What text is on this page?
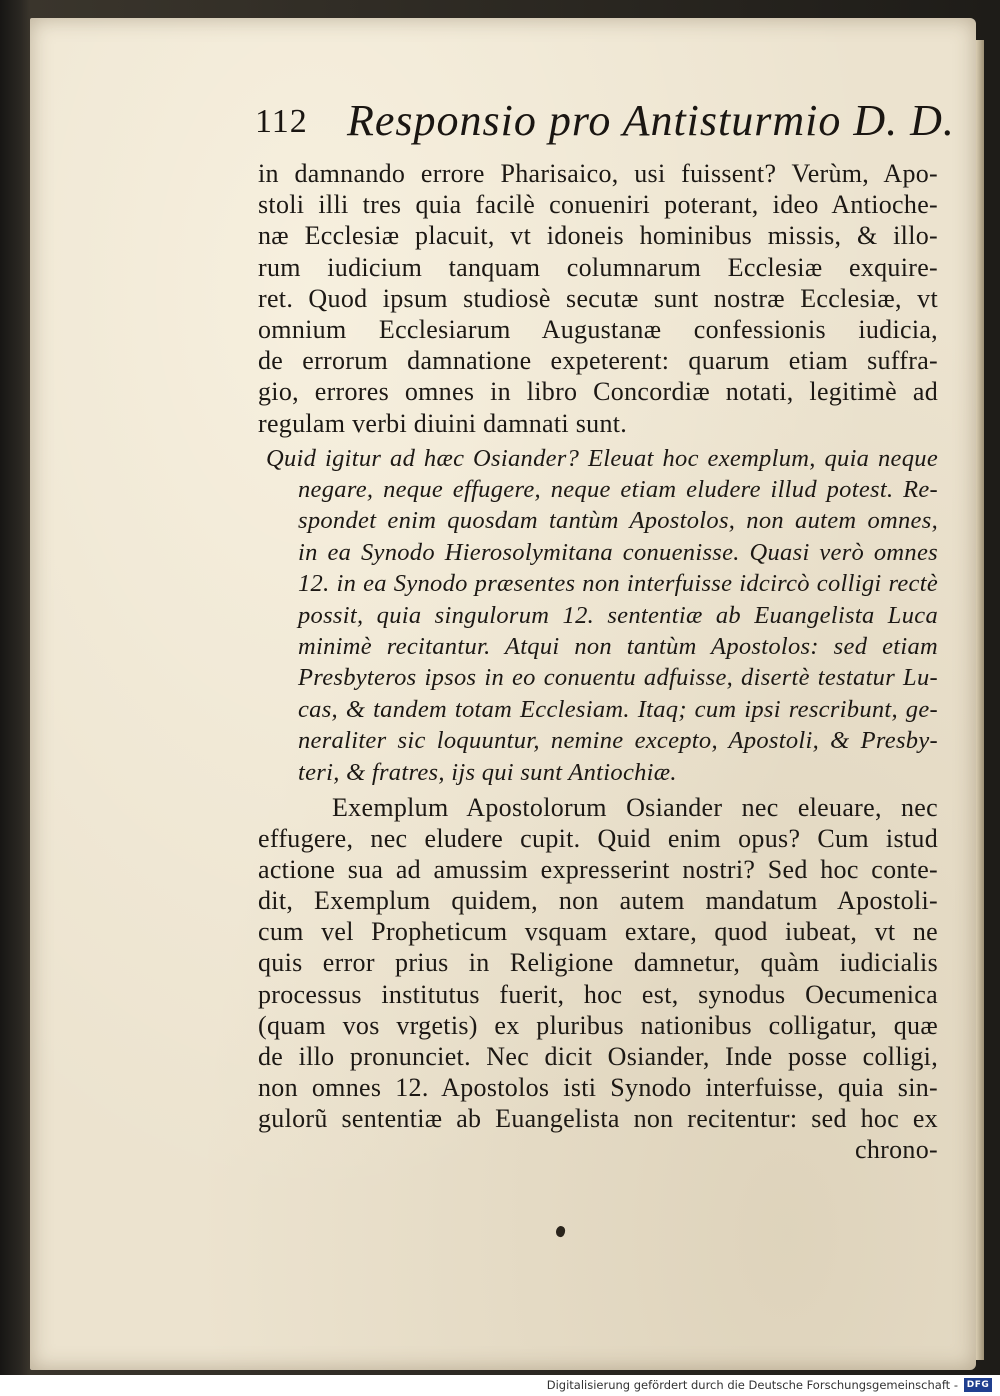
112 Responsio pro Antisturmio D. D.
in damnando errore Pharisaico, usi fuissent? Verùm, Apo-
stoli illi tres quia facilè conueniri poterant, ideo Antioche-
næ Ecclesiæ placuit, vt idoneis hominibus missis, & illo-
rum iudicium tanquam columnarum Ecclesiæ exquire-
ret. Quod ipsum studiosè secutæ sunt nostræ Ecclesiæ, vt
omnium Ecclesiarum Augustanæ confessionis iudicia,
de errorum damnatione expeterent: quarum etiam suffra-
gio, errores omnes in libro Concordiæ notati, legitimè ad
regulam verbi diuini damnati sunt.
Quid igitur ad hæc Osiander? Eleuat hoc exemplum, quia neque
negare, neque effugere, neque etiam eludere illud potest. Re-
spondet enim quosdam tantùm Apostolos, non autem omnes,
in ea Synodo Hierosolymitana conuenisse. Quasi verò omnes
12. in ea Synodo præsentes non interfuisse idcircò colligi rectè
possit, quia singulorum 12. sententiæ ab Euangelista Luca
minimè recitantur. Atqui non tantùm Apostolos: sed etiam
Presbyteros ipsos in eo conuentu adfuisse, disertè testatur Lu-
cas, & tandem totam Ecclesiam. Itaq; cum ipsi rescribunt, ge-
neraliter sic loquuntur, nemine excepto, Apostoli, & Presby-
teri, & fratres, ijs qui sunt Antiochiæ.
Exemplum Apostolorum Osiander nec eleuare, nec
effugere, nec eludere cupit. Quid enim opus? Cum istud
actione sua ad amussim expresserint nostri? Sed hoc conte-
dit, Exemplum quidem, non autem mandatum Apostoli-
cum vel Propheticum vsquam extare, quod iubeat, vt ne
quis error prius in Religione damnetur, quàm iudicialis
processus institutus fuerit, hoc est, synodus Oecumenica
(quam vos vrgetis) ex pluribus nationibus colligatur, quæ
de illo pronunciet. Nec dicit Osiander, Inde posse colligi,
non omnes 12. Apostolos isti Synodo interfuisse, quia sin-
gulorũ sententiæ ab Euangelista non recitentur: sed hoc ex
chrono-
Digitalisierung gefördert durch die Deutsche Forschungsgemeinschaft - DFG
